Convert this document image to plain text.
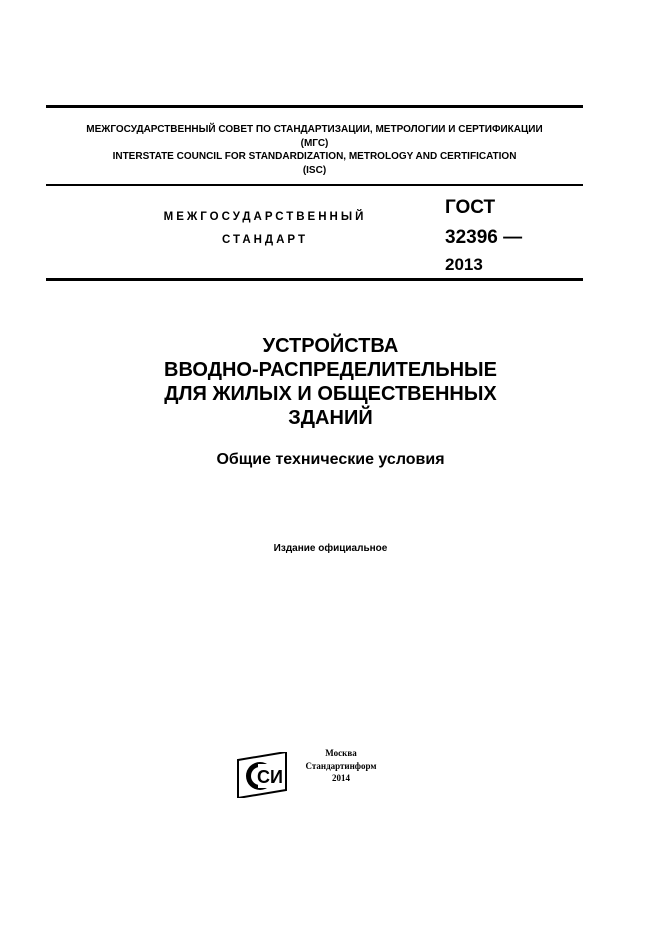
МЕЖГОСУДАРСТВЕННЫЙ СОВЕТ ПО СТАНДАРТИЗАЦИИ, МЕТРОЛОГИИ И СЕРТИФИКАЦИИ
(МГС)
INTERSTATE COUNCIL FOR STANDARDIZATION, METROLOGY AND CERTIFICATION
(ISC)
МЕЖГОСУДАРСТВЕННЫЙ
СТАНДАРТ
ГОСТ
32396 —
2013
УСТРОЙСТВА
ВВОДНО-РАСПРЕДЕЛИТЕЛЬНЫЕ
ДЛЯ ЖИЛЫХ И ОБЩЕСТВЕННЫХ
ЗДАНИЙ
Общие технические условия
Издание официальное
СИ
Москва
Стандартинформ
2014
